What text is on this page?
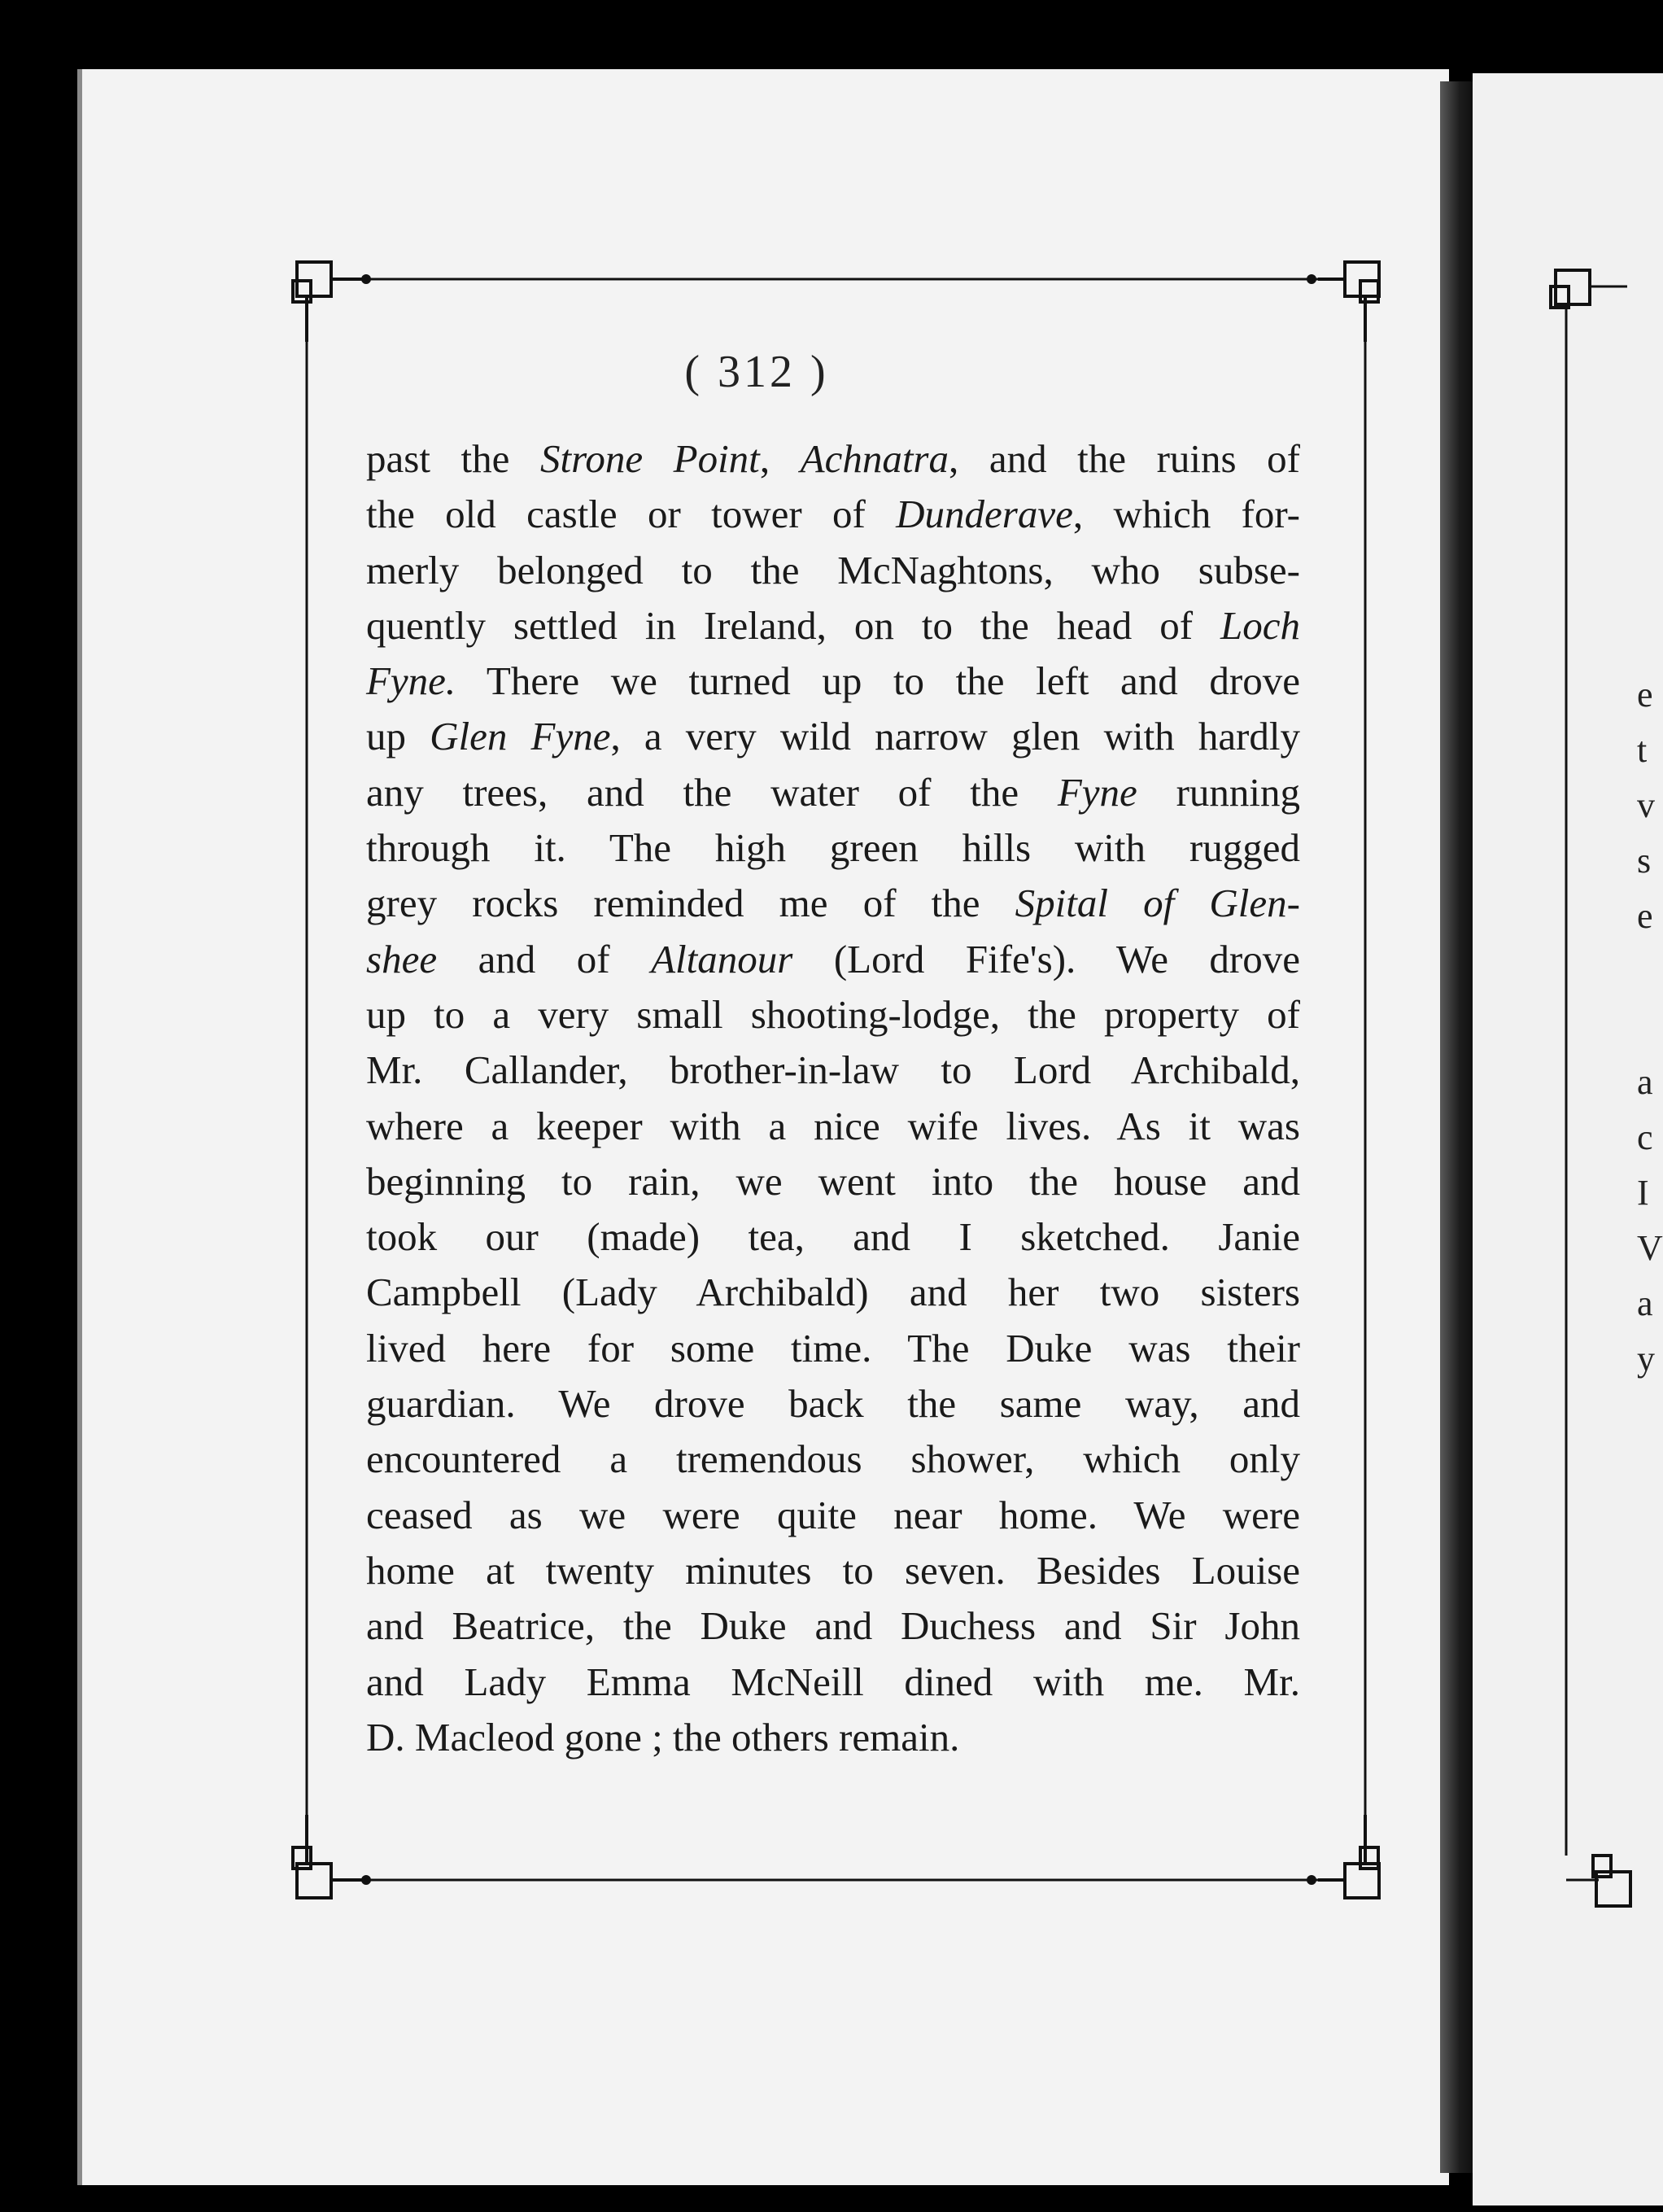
( 312 )
past the Strone Point, Achnatra, and the ruins of
the old castle or tower of Dunderave, which for-
merly belonged to the McNaghtons, who subse-
quently settled in Ireland, on to the head of Loch
Fyne. There we turned up to the left and drove
up Glen Fyne, a very wild narrow glen with hardly
any trees, and the water of the Fyne running
through it. The high green hills with rugged
grey rocks reminded me of the Spital of Glen-
shee and of Altanour (Lord Fife's). We drove
up to a very small shooting-lodge, the property of
Mr. Callander, brother-in-law to Lord Archibald,
where a keeper with a nice wife lives. As it was
beginning to rain, we went into the house and
took our (made) tea, and I sketched. Janie
Campbell (Lady Archibald) and her two sisters
lived here for some time. The Duke was their
guardian. We drove back the same way, and
encountered a tremendous shower, which only
ceased as we were quite near home. We were
home at twenty minutes to seven. Besides Louise
and Beatrice, the Duke and Duchess and Sir John
and Lady Emma McNeill dined with me. Mr.
D. Macleod gone ; the others remain.
e
t
v
s
e
a
c
I
V
a
y
